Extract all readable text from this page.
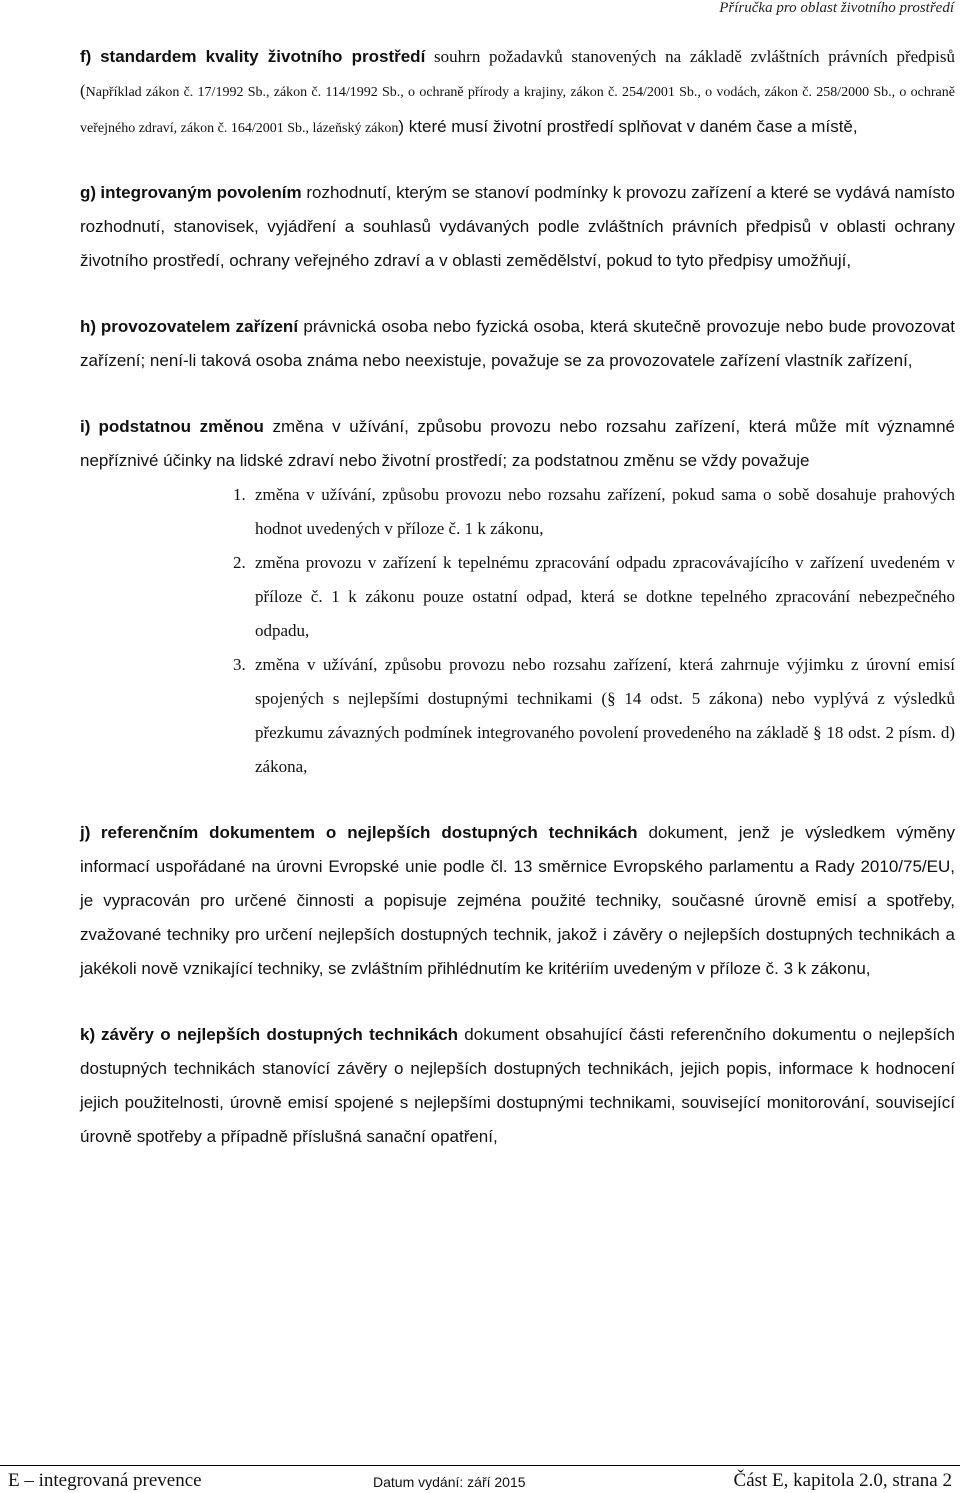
Příručka pro oblast životního prostředí
f) standardem kvality životního prostředí souhrn požadavků stanovených na základě zvláštních právních předpisů (Například zákon č. 17/1992 Sb., zákon č. 114/1992 Sb., o ochraně přírody a krajiny, zákon č. 254/2001 Sb., o vodách, zákon č. 258/2000 Sb., o ochraně veřejného zdraví, zákon č. 164/2001 Sb., lázeňský zákon) které musí životní prostředí splňovat v daném čase a místě,
g) integrovaným povolením rozhodnutí, kterým se stanoví podmínky k provozu zařízení a které se vydává namísto rozhodnutí, stanovisek, vyjádření a souhlasů vydávaných podle zvláštních právních předpisů v oblasti ochrany životního prostředí, ochrany veřejného zdraví a v oblasti zemědělství, pokud to tyto předpisy umožňují,
h) provozovatelem zařízení právnická osoba nebo fyzická osoba, která skutečně provozuje nebo bude provozovat zařízení; není-li taková osoba známa nebo neexistuje, považuje se za provozovatele zařízení vlastník zařízení,
i) podstatnou změnou změna v užívání, způsobu provozu nebo rozsahu zařízení, která může mít významné nepříznivé účinky na lidské zdraví nebo životní prostředí; za podstatnou změnu se vždy považuje
1. změna v užívání, způsobu provozu nebo rozsahu zařízení, pokud sama o sobě dosahuje prahových hodnot uvedených v příloze č. 1 k zákonu,
2. změna provozu v zařízení k tepelnému zpracování odpadu zpracovávajícího v zařízení uvedeném v příloze č. 1 k zákonu pouze ostatní odpad, která se dotkne tepelného zpracování nebezpečného odpadu,
3. změna v užívání, způsobu provozu nebo rozsahu zařízení, která zahrnuje výjimku z úrovní emisí spojených s nejlepšími dostupnými technikami (§ 14 odst. 5 zákona) nebo vyplývá z výsledků přezkumu závazných podmínek integrovaného povolení provedeného na základě § 18 odst. 2 písm. d) zákona,
j) referenčním dokumentem o nejlepších dostupných technikách dokument, jenž je výsledkem výměny informací uspořádané na úrovni Evropské unie podle čl. 13 směrnice Evropského parlamentu a Rady 2010/75/EU, je vypracován pro určené činnosti a popisuje zejména použité techniky, současné úrovně emisí a spotřeby, zvažované techniky pro určení nejlepších dostupných technik, jakož i závěry o nejlepších dostupných technikách a jakékoli nově vznikající techniky, se zvláštním přihlédnutím ke kritériím uvedeným v příloze č. 3 k zákonu,
k) závěry o nejlepších dostupných technikách dokument obsahující části referenčního dokumentu o nejlepších dostupných technikách stanovící závěry o nejlepších dostupných technikách, jejich popis, informace k hodnocení jejich použitelnosti, úrovně emisí spojené s nejlepšími dostupnými technikami, související monitorování, související úrovně spotřeby a případně příslušná sanační opatření,
E – integrovaná prevence	Datum vydání: září 2015	Část E, kapitola 2.0, strana 2
